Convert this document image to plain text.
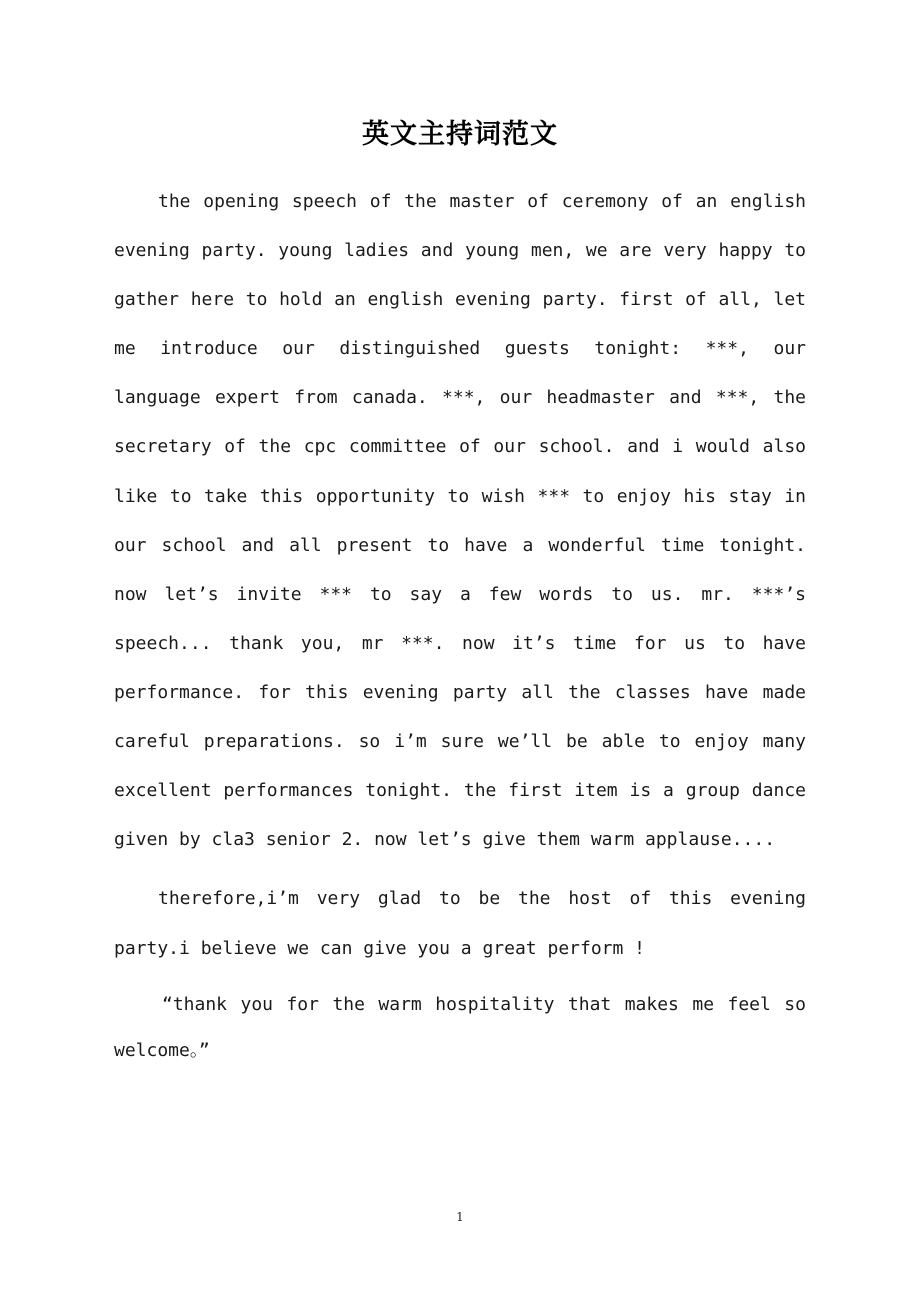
英文主持词范文

the opening speech of the master of ceremony of an english evening party. young ladies and young men, we are very happy to gather here to hold an english evening party. first of all, let me introduce our distinguished guests tonight: ***, our language expert from canada. ***, our headmaster and ***, the secretary of the cpc committee of our school. and i would also like to take this opportunity to wish *** to enjoy his stay in our school and all present to have a wonderful time tonight. now let’s invite *** to say a few words to us. mr. ***’s speech... thank you, mr ***. now it’s time for us to have performance. for this evening party all the classes have made careful preparations. so i’m sure we’ll be able to enjoy many excellent performances tonight. the first item is a group dance given by cla3 senior 2. now let’s give them warm applause....

therefore,i’m very glad to be the host of this evening party.i believe we can give you a great perform !

“thank you for the warm hospitality that makes me feel so welcome。”

1
